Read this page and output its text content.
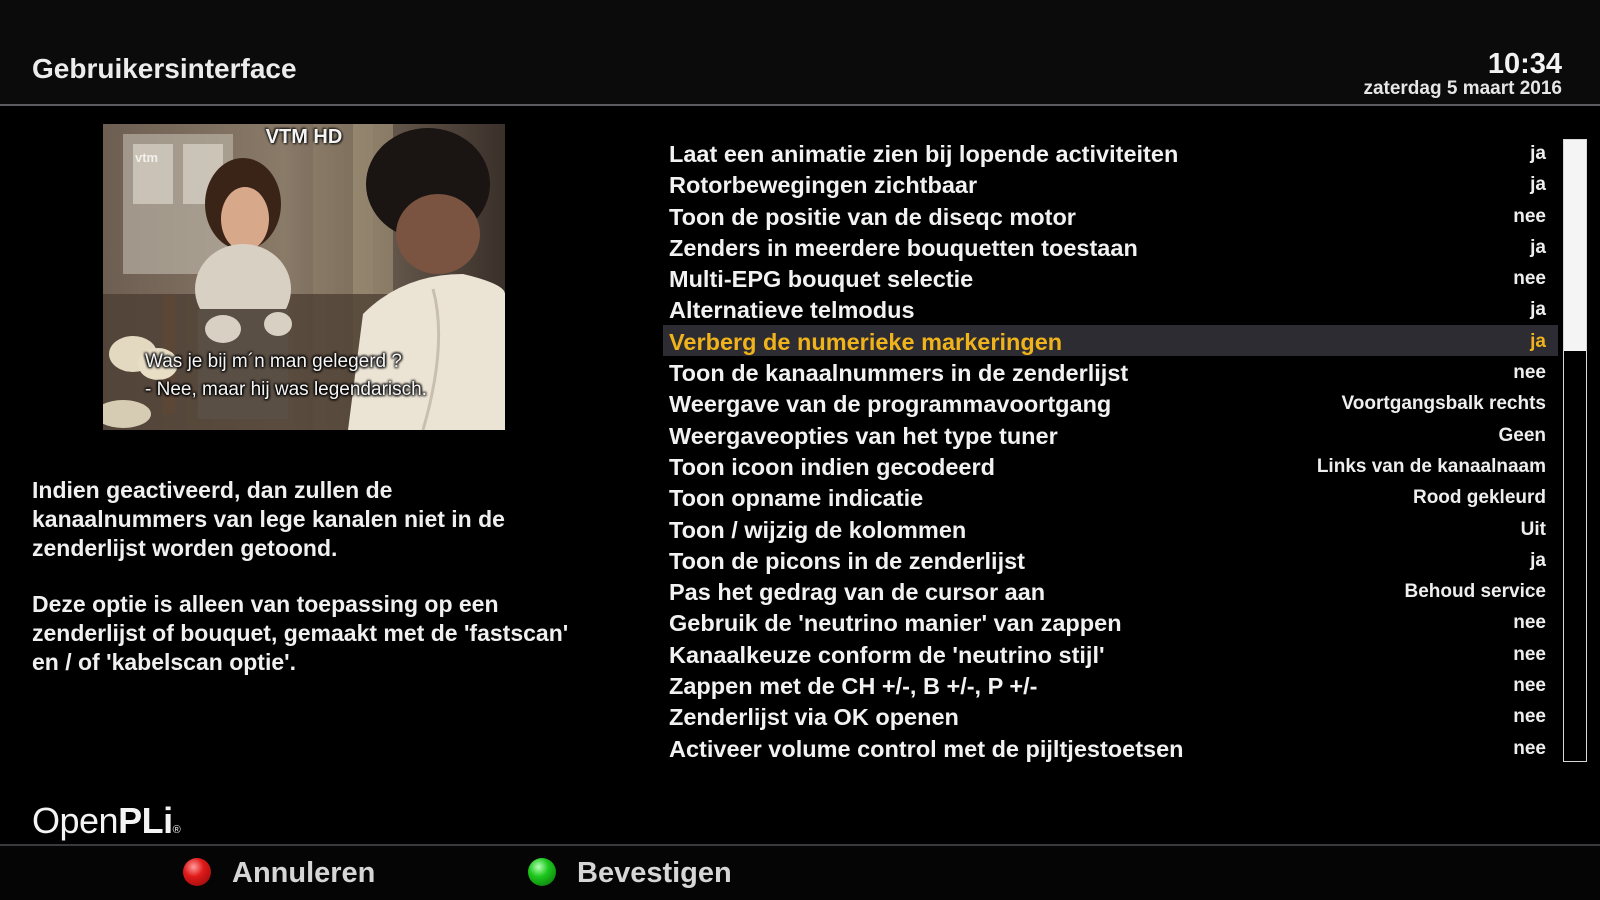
Gebruikersinterface	10:34
zaterdag 5 maart 2016
vtm
VTM HD
Was je bij m´n man gelegerd ?
- Nee, maar hij was legendarisch.
Indien geactiveerd, dan zullen de kanaalnummers van lege kanalen niet in de zenderlijst worden getoond.
Deze optie is alleen van toepassing op een zenderlijst of bouquet, gemaakt met de 'fastscan' en / of 'kabelscan optie'.
Laat een animatie zien bij lopende activiteiten	ja
Rotorbewegingen zichtbaar	ja
Toon de positie van de diseqc motor	nee
Zenders in meerdere bouquetten toestaan	ja
Multi-EPG bouquet selectie	nee
Alternatieve telmodus	ja
Verberg de numerieke markeringen	ja
Toon de kanaalnummers in de zenderlijst	nee
Weergave van de programmavoortgang	Voortgangsbalk rechts
Weergaveopties van het type tuner	Geen
Toon icoon indien gecodeerd	Links van de kanaalnaam
Toon opname indicatie	Rood gekleurd
Toon / wijzig de kolommen	Uit
Toon de picons in de zenderlijst	ja
Pas het gedrag van de cursor aan	Behoud service
Gebruik de 'neutrino manier' van zappen	nee
Kanaalkeuze conform de 'neutrino stijl'	nee
Zappen met de CH +/-, B +/-, P +/-	nee
Zenderlijst via OK openen	nee
Activeer volume control met de pijltjestoetsen	nee
OpenPLi®
Annuleren	Bevestigen
